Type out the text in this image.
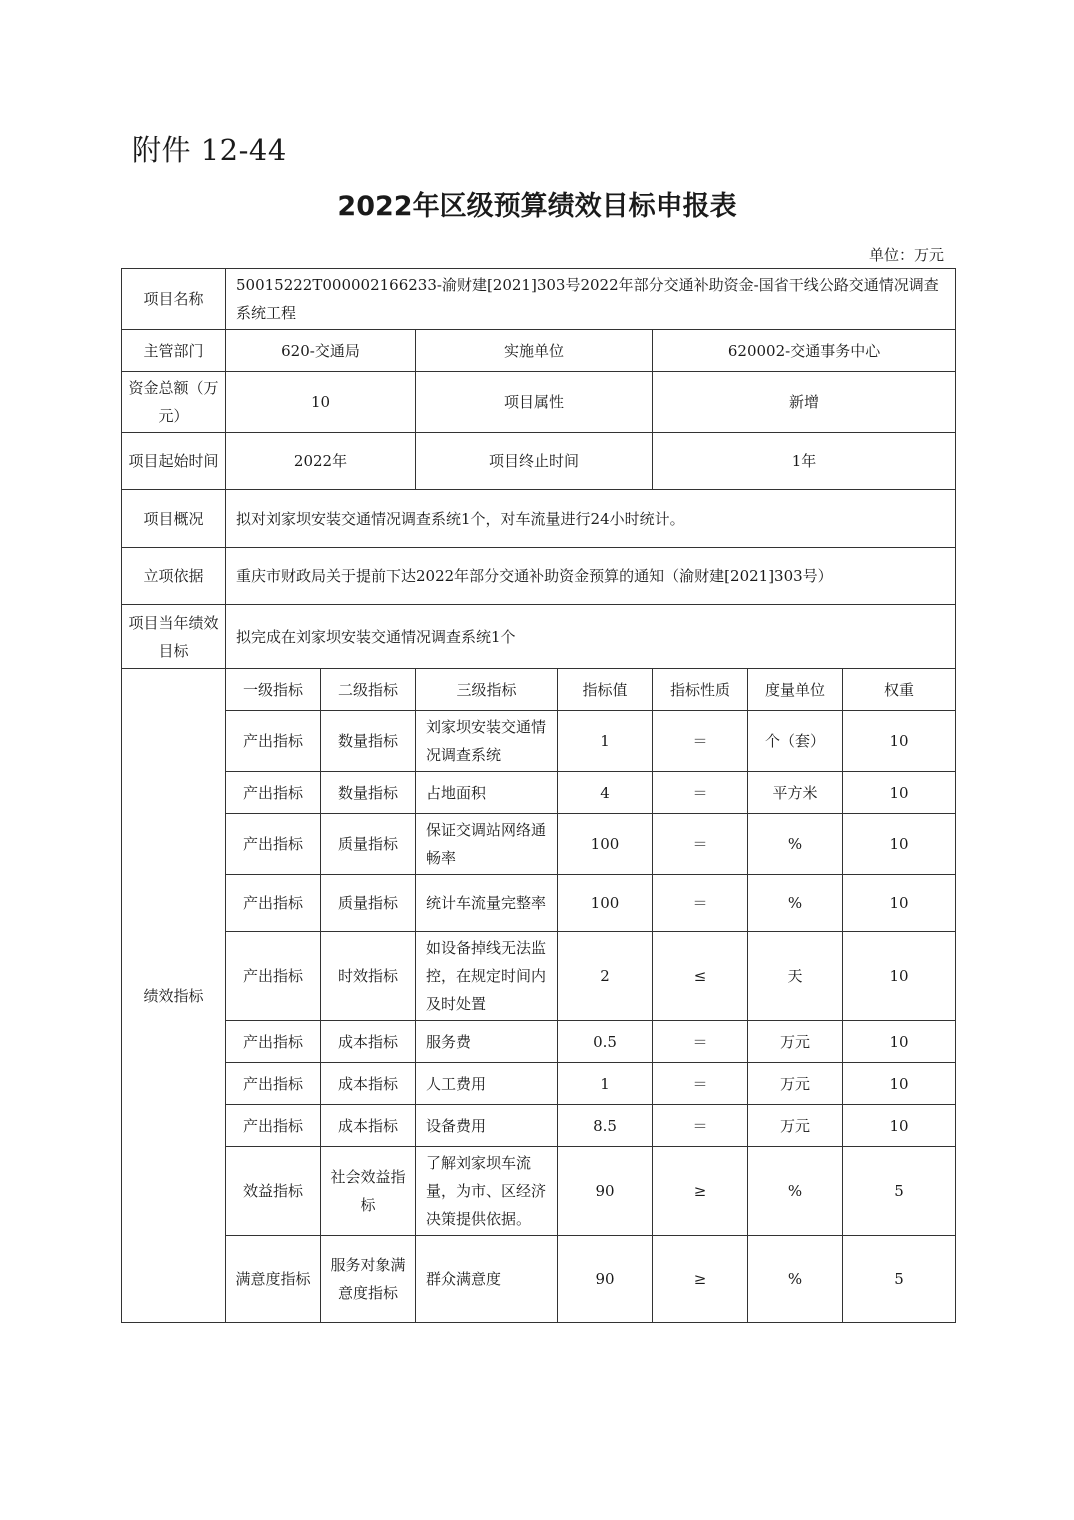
附件 12-44
2022年区级预算绩效目标申报表
单位：万元
项目名称	50015222T000002166233-渝财建[2021]303号2022年部分交通补助资金-国省干线公路交通情况调查系统工程						
主管部门	620-交通局		实施单位		620002-交通事务中心		
资金总额（万元）	10		项目属性		新增		
项目起始时间	2022年		项目终止时间		1年		
项目概况	拟对刘家坝安装交通情况调查系统1个，对车流量进行24小时统计。						
立项依据	重庆市财政局关于提前下达2022年部分交通补助资金预算的通知（渝财建[2021]303号）						
项目当年绩效目标	拟完成在刘家坝安装交通情况调查系统1个						
绩效指标	一级指标	二级指标	三级指标	指标值	指标性质	度量单位	权重
	产出指标	数量指标	刘家坝安装交通情况调查系统	1	＝	个（套）	10
	产出指标	数量指标	占地面积	4	＝	平方米	10
	产出指标	质量指标	保证交调站网络通畅率	100	＝	%	10
	产出指标	质量指标	统计车流量完整率	100	＝	%	10
	产出指标	时效指标	如设备掉线无法监控，在规定时间内及时处置	2	≤	天	10
	产出指标	成本指标	服务费	0.5	＝	万元	10
	产出指标	成本指标	人工费用	1	＝	万元	10
	产出指标	成本指标	设备费用	8.5	＝	万元	10
	效益指标	社会效益指标	了解刘家坝车流量，为市、区经济决策提供依据。	90	≥	%	5
	满意度指标	服务对象满意度指标	群众满意度	90	≥	%	5
